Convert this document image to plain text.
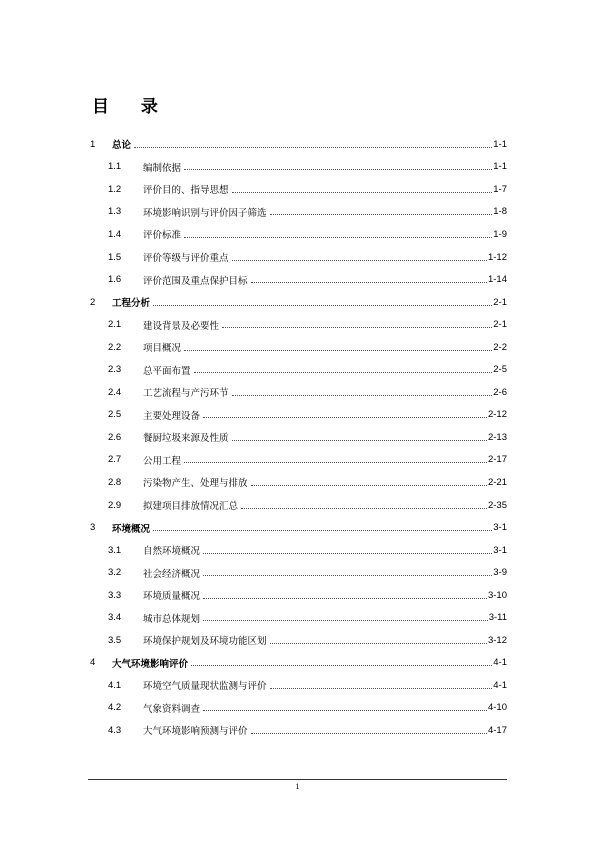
目 录
1	总论	1-1
1.1	编制依据	1-1
1.2	评价目的、指导思想	1-7
1.3	环境影响识别与评价因子筛选	1-8
1.4	评价标准	1-9
1.5	评价等级与评价重点	1-12
1.6	评价范围及重点保护目标	1-14
2	工程分析	2-1
2.1	建设背景及必要性	2-1
2.2	项目概况	2-2
2.3	总平面布置	2-5
2.4	工艺流程与产污环节	2-6
2.5	主要处理设备	2-12
2.6	餐厨垃圾来源及性质	2-13
2.7	公用工程	2-17
2.8	污染物产生、处理与排放	2-21
2.9	拟建项目排放情况汇总	2-35
3	环境概况	3-1
3.1	自然环境概况	3-1
3.2	社会经济概况	3-9
3.3	环境质量概况	3-10
3.4	城市总体规划	3-11
3.5	环境保护规划及环境功能区划	3-12
4	大气环境影响评价	4-1
4.1	环境空气质量现状监测与评价	4-1
4.2	气象资料调查	4-10
4.3	大气环境影响预测与评价	4-17
1
